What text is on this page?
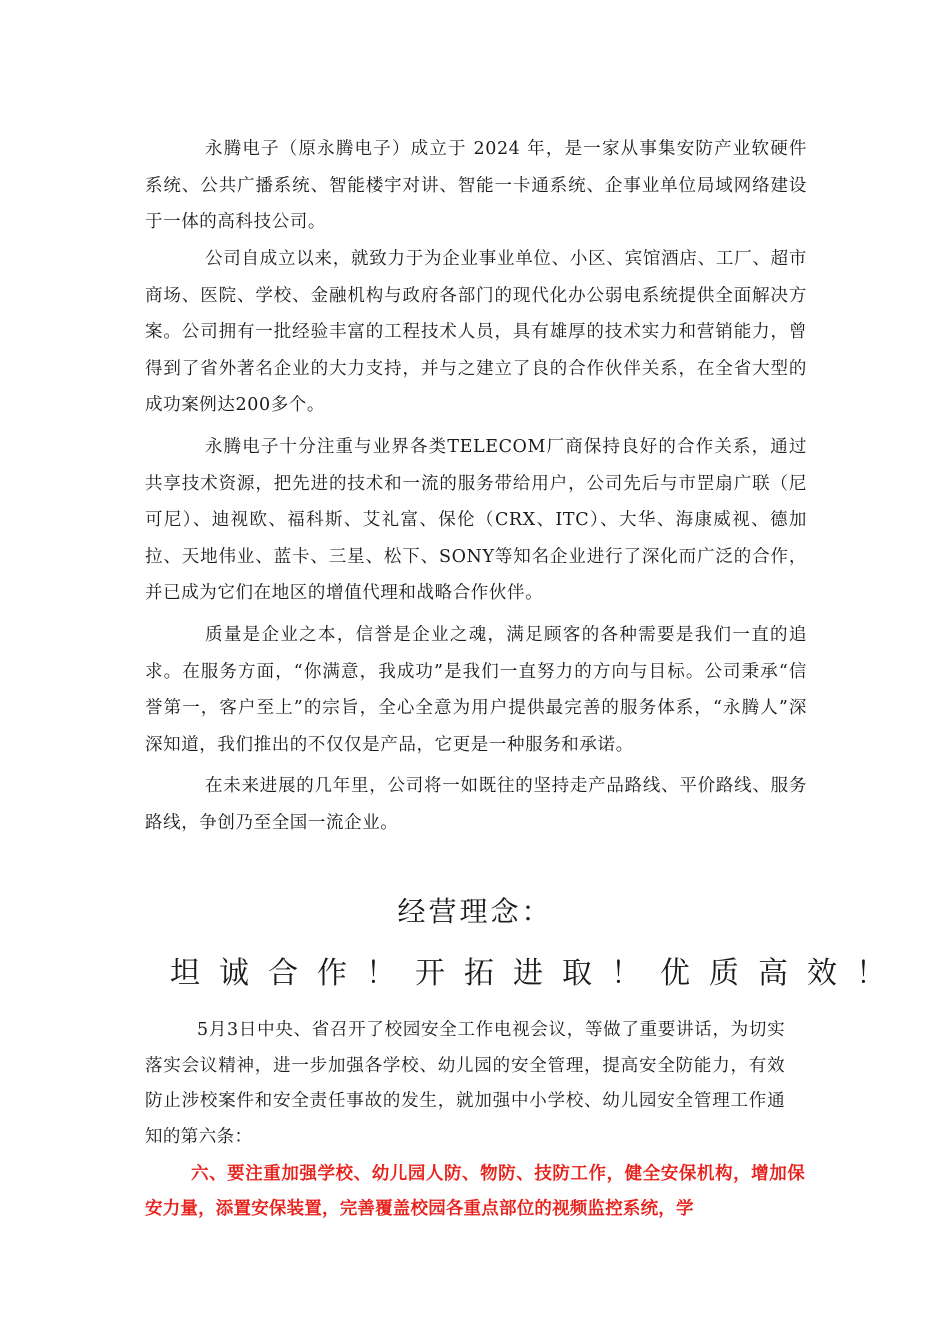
永腾电子（原永腾电子）成立于 2024 年，是一家从事集安防产业软硬件系统、公共广播系统、智能楼宇对讲、智能一卡通系统、企事业单位局域网络建设于一体的高科技公司。

公司自成立以来，就致力于为企业事业单位、小区、宾馆酒店、工厂、超市商场、医院、学校、金融机构与政府各部门的现代化办公弱电系统提供全面解决方案。公司拥有一批经验丰富的工程技术人员，具有雄厚的技术实力和营销能力，曾得到了省外著名企业的大力支持，并与之建立了良的合作伙伴关系，在全省大型的成功案例达200多个。

永腾电子十分注重与业界各类TELECOM厂商保持良好的合作关系，通过共享技术资源，把先进的技术和一流的服务带给用户，公司先后与市罡扇广联（尼可尼）、迪视欧、福科斯、艾礼富、保伦（CRX、ITC）、大华、海康威视、德加拉、天地伟业、蓝卡、三星、松下、SONY等知名企业进行了深化而广泛的合作，并已成为它们在地区的增值代理和战略合作伙伴。

质量是企业之本，信誉是企业之魂，满足顾客的各种需要是我们一直的追求。在服务方面，“你满意，我成功”是我们一直努力的方向与目标。公司秉承“信誉第一，客户至上”的宗旨，全心全意为用户提供最完善的服务体系，“永腾人”深深知道，我们推出的不仅仅是产品，它更是一种服务和承诺。

在未来进展的几年里，公司将一如既往的坚持走产品路线、平价路线、服务路线，争创乃至全国一流企业。

经营理念：
坦诚合作！开拓进取！优质高效！

5月3日中央、省召开了校园安全工作电视会议，等做了重要讲话，为切实落实会议精神，进一步加强各学校、幼儿园的安全管理，提高安全防能力，有效防止涉校案件和安全责任事故的发生，就加强中小学校、幼儿园安全管理工作通知的第六条：

六、要注重加强学校、幼儿园人防、物防、技防工作，健全安保机构，增加保安力量，添置安保装置，完善覆盖校园各重点部位的视频监控系统，学
